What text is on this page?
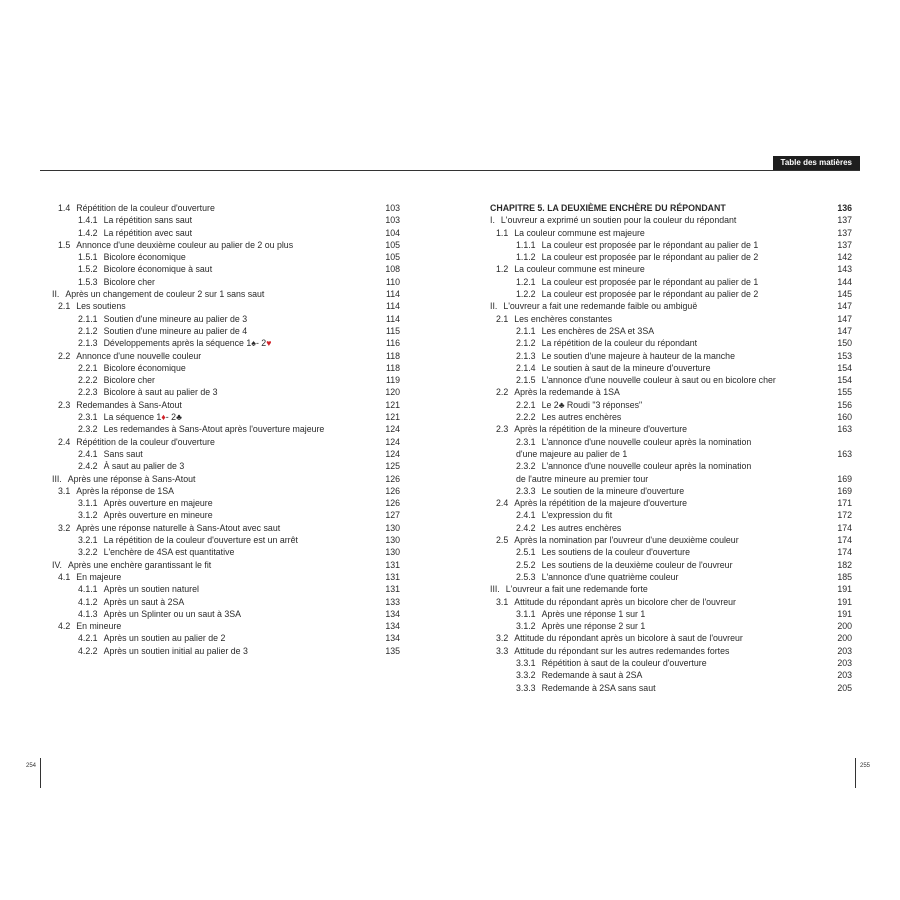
Table des matières
1.4 Répétition de la couleur d'ouverture	103
1.4.1 La répétition sans saut	103
1.4.2 La répétition avec saut	104
1.5 Annonce d'une deuxième couleur au palier de 2 ou plus	105
1.5.1 Bicolore économique	105
1.5.2 Bicolore économique à saut	108
1.5.3 Bicolore cher	110
II. Après un changement de couleur 2 sur 1 sans saut	114
2.1 Les soutiens	114
2.1.1 Soutien d'une mineure au palier de 3	114
2.1.2 Soutien d'une mineure au palier de 4	115
2.1.3 Développements après la séquence 1♠- 2♥	116
2.2 Annonce d'une nouvelle couleur	118
2.2.1 Bicolore économique	118
2.2.2 Bicolore cher	119
2.2.3 Bicolore à saut au palier de 3	120
2.3 Redemandes à Sans-Atout	121
2.3.1 La séquence 1♦- 2♣	121
2.3.2 Les redemandes à Sans-Atout après l'ouverture majeure	124
2.4 Répétition de la couleur d'ouverture	124
2.4.1 Sans saut	124
2.4.2 À saut au palier de 3	125
III. Après une réponse à Sans-Atout	126
3.1 Après la réponse de 1SA	126
3.1.1 Après ouverture en majeure	126
3.1.2 Après ouverture en mineure	127
3.2 Après une réponse naturelle à Sans-Atout avec saut	130
3.2.1 La répétition de la couleur d'ouverture est un arrêt	130
3.2.2 L'enchère de 4SA est quantitative	130
IV. Après une enchère garantissant le fit	131
4.1 En majeure	131
4.1.1 Après un soutien naturel	131
4.1.2 Après un saut à 2SA	133
4.1.3 Après un Splinter ou un saut à 3SA	134
4.2 En mineure	134
4.2.1 Après un soutien au palier de 2	134
4.2.2 Après un soutien initial au palier de 3	135
CHAPITRE 5. LA DEUXIÈME ENCHÈRE DU RÉPONDANT	136
I. L'ouvreur a exprimé un soutien pour la couleur du répondant	137
1.1 La couleur commune est majeure	137
1.1.1 La couleur est proposée par le répondant au palier de 1	137
1.1.2 La couleur est proposée par le répondant au palier de 2	142
1.2 La couleur commune est mineure	143
1.2.1 La couleur est proposée par le répondant au palier de 1	144
1.2.2 La couleur est proposée par le répondant au palier de 2	145
II. L'ouvreur a fait une redemande faible ou ambiguë	147
2.1 Les enchères constantes	147
2.1.1 Les enchères de 2SA et 3SA	147
2.1.2 La répétition de la couleur du répondant	150
2.1.3 Le soutien d'une majeure à hauteur de la manche	153
2.1.4 Le soutien à saut de la mineure d'ouverture	154
2.1.5 L'annonce d'une nouvelle couleur à saut ou en bicolore cher	154
2.2 Après la redemande à 1SA	155
2.2.1 Le 2♣ Roudi "3 réponses"	156
2.2.2 Les autres enchères	160
2.3 Après la répétition de la mineure d'ouverture	163
2.3.1 L'annonce d'une nouvelle couleur après la nomination
d'une majeure au palier de 1	163
2.3.2 L'annonce d'une nouvelle couleur après la nomination
de l'autre mineure au premier tour	169
2.3.3 Le soutien de la mineure d'ouverture	169
2.4 Après la répétition de la majeure d'ouverture	171
2.4.1 L'expression du fit	172
2.4.2 Les autres enchères	174
2.5 Après la nomination par l'ouvreur d'une deuxième couleur	174
2.5.1 Les soutiens de la couleur d'ouverture	174
2.5.2 Les soutiens de la deuxième couleur de l'ouvreur	182
2.5.3 L'annonce d'une quatrième couleur	185
III. L'ouvreur a fait une redemande forte	191
3.1 Attitude du répondant après un bicolore cher de l'ouvreur	191
3.1.1 Après une réponse 1 sur 1	191
3.1.2 Après une réponse 2 sur 1	200
3.2 Attitude du répondant après un bicolore à saut de l'ouvreur	200
3.3 Attitude du répondant sur les autres redemandes fortes	203
3.3.1 Répétition à saut de la couleur d'ouverture	203
3.3.2 Redemande à saut à 2SA	203
3.3.3 Redemande à 2SA sans saut	205
254	255
